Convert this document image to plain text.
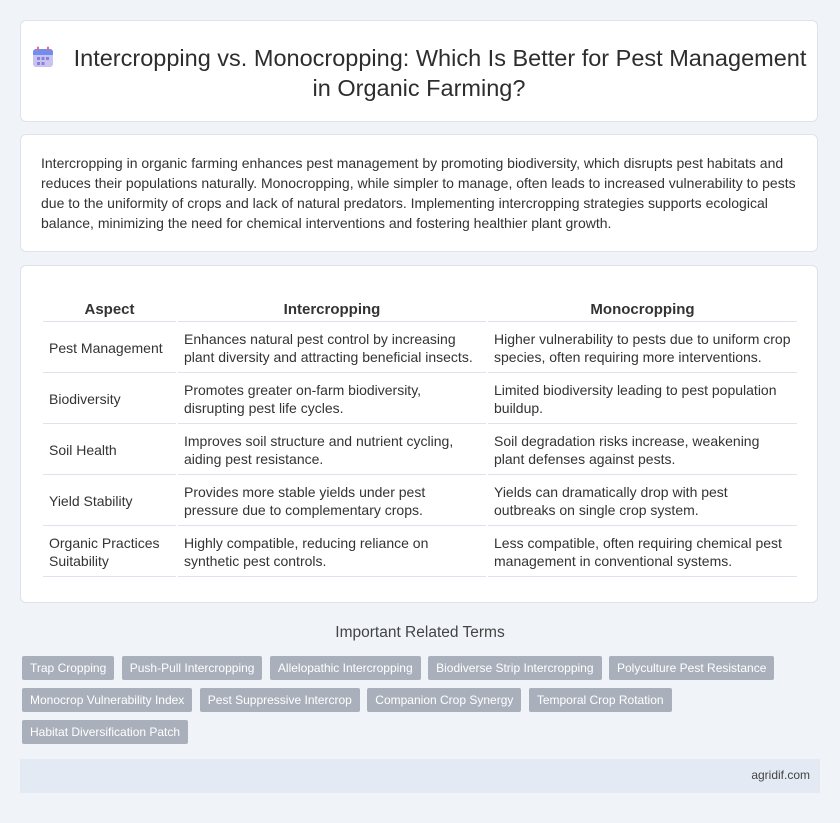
Intercropping vs. Monocropping: Which Is Better for Pest Management in Organic Farming?
Intercropping in organic farming enhances pest management by promoting biodiversity, which disrupts pest habitats and reduces their populations naturally. Monocropping, while simpler to manage, often leads to increased vulnerability to pests due to the uniformity of crops and lack of natural predators. Implementing intercropping strategies supports ecological balance, minimizing the need for chemical interventions and fostering healthier plant growth.
Aspect	Intercropping	Monocropping
Pest Management	Enhances natural pest control by increasing plant diversity and attracting beneficial insects.	Higher vulnerability to pests due to uniform crop species, often requiring more interventions.
Biodiversity	Promotes greater on-farm biodiversity, disrupting pest life cycles.	Limited biodiversity leading to pest population buildup.
Soil Health	Improves soil structure and nutrient cycling, aiding pest resistance.	Soil degradation risks increase, weakening plant defenses against pests.
Yield Stability	Provides more stable yields under pest pressure due to complementary crops.	Yields can dramatically drop with pest outbreaks on single crop system.
Organic Practices Suitability	Highly compatible, reducing reliance on synthetic pest controls.	Less compatible, often requiring chemical pest management in conventional systems.
Important Related Terms
Trap Cropping Push-Pull Intercropping Allelopathic Intercropping Biodiverse Strip Intercropping Polyculture Pest Resistance Monocrop Vulnerability Index Pest Suppressive Intercrop Companion Crop Synergy Temporal Crop Rotation Habitat Diversification Patch
agridif.com
